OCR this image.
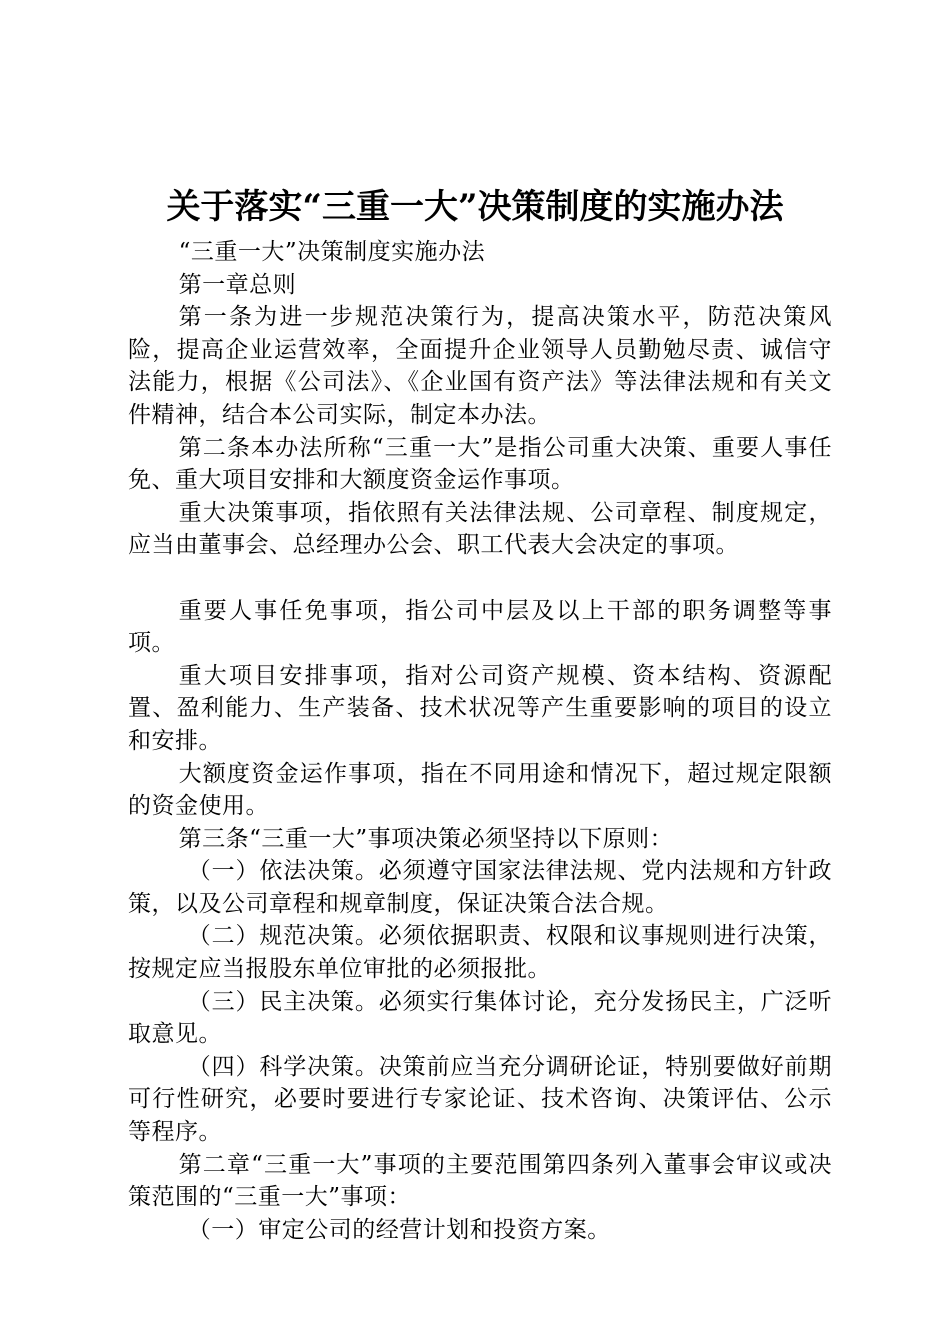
关于落实“三重一大”决策制度的实施办法

“三重一大”决策制度实施办法

第一章总则

第一条为进一步规范决策行为，提高决策水平，防范决策风险，提高企业运营效率，全面提升企业领导人员勤勉尽责、诚信守法能力，根据《公司法》、《企业国有资产法》等法律法规和有关文件精神，结合本公司实际，制定本办法。

第二条本办法所称“三重一大”是指公司重大决策、重要人事任免、重大项目安排和大额度资金运作事项。

重大决策事项，指依照有关法律法规、公司章程、制度规定，应当由董事会、总经理办公会、职工代表大会决定的事项。

重要人事任免事项，指公司中层及以上干部的职务调整等事项。

重大项目安排事项，指对公司资产规模、资本结构、资源配置、盈利能力、生产装备、技术状况等产生重要影响的项目的设立和安排。

大额度资金运作事项，指在不同用途和情况下，超过规定限额的资金使用。

第三条“三重一大”事项决策必须坚持以下原则：

（一）依法决策。必须遵守国家法律法规、党内法规和方针政策，以及公司章程和规章制度，保证决策合法合规。

（二）规范决策。必须依据职责、权限和议事规则进行决策，按规定应当报股东单位审批的必须报批。

（三）民主决策。必须实行集体讨论，充分发扬民主，广泛听取意见。

（四）科学决策。决策前应当充分调研论证，特别要做好前期可行性研究，必要时要进行专家论证、技术咨询、决策评估、公示等程序。

第二章“三重一大”事项的主要范围第四条列入董事会审议或决策范围的“三重一大”事项：

（一）审定公司的经营计划和投资方案。
